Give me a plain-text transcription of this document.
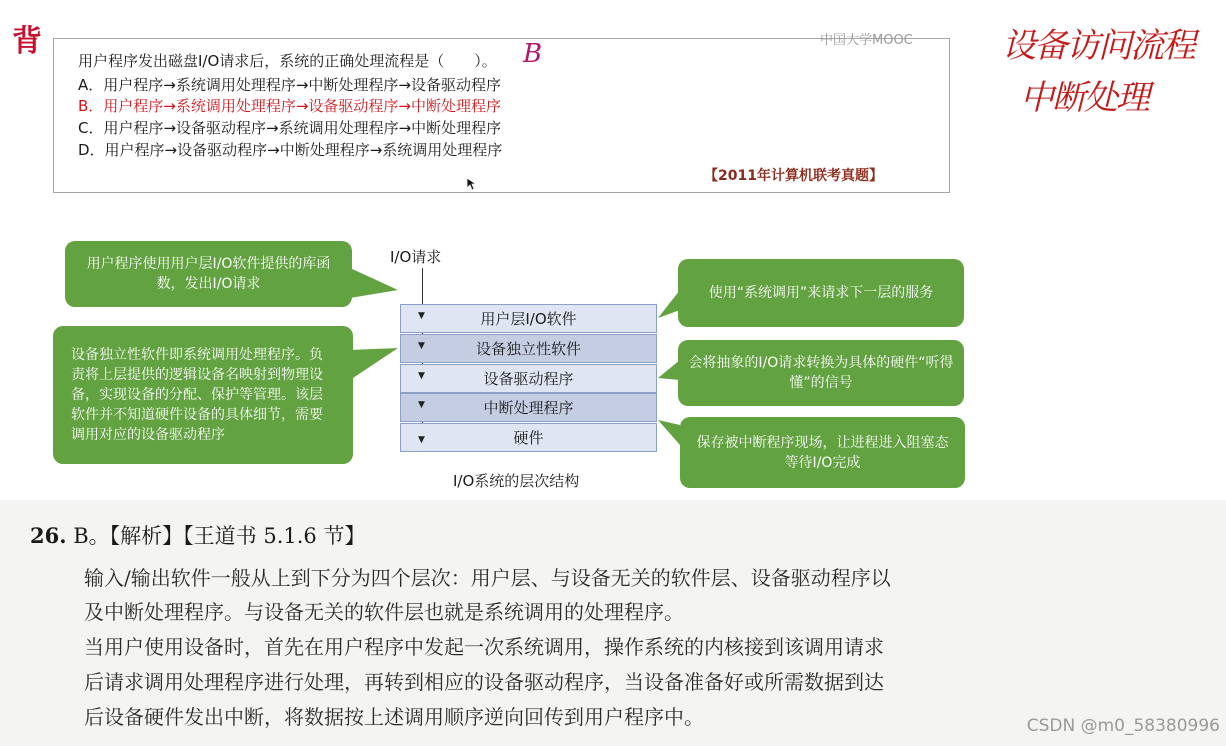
背	设备访问流程
中断处理
中国大学MOOC
用户程序发出磁盘I/O请求后，系统的正确处理流程是（ ）。 B
A．用户程序→系统调用处理程序→中断处理程序→设备驱动程序
B．用户程序→系统调用处理程序→设备驱动程序→中断处理程序
C．用户程序→设备驱动程序→系统调用处理程序→中断处理程序
D．用户程序→设备驱动程序→中断处理程序→系统调用处理程序
【2011年计算机联考真题】
I/O请求
用户层I/O软件
设备独立性软件
设备驱动程序
中断处理程序
硬件
▼
▼
▼
▼
▼
I/O系统的层次结构
用户程序使用用户层I/O软件提供的库函数，发出I/O请求
设备独立性软件即系统调用处理程序。负责将上层提供的逻辑设备名映射到物理设备，实现设备的分配、保护等管理。该层软件并不知道硬件设备的具体细节，需要调用对应的设备驱动程序
使用“系统调用”来请求下一层的服务
会将抽象的I/O请求转换为具体的硬件“听得懂”的信号
保存被中断程序现场，让进程进入阻塞态等待I/O完成
26. B。【解析】【王道书 5.1.6 节】
输入/输出软件一般从上到下分为四个层次：用户层、与设备无关的软件层、设备驱动程序以
及中断处理程序。与设备无关的软件层也就是系统调用的处理程序。
当用户使用设备时，首先在用户程序中发起一次系统调用，操作系统的内核接到该调用请求
后请求调用处理程序进行处理，再转到相应的设备驱动程序，当设备准备好或所需数据到达
后设备硬件发出中断，将数据按上述调用顺序逆向回传到用户程序中。	CSDN @m0_58380996
